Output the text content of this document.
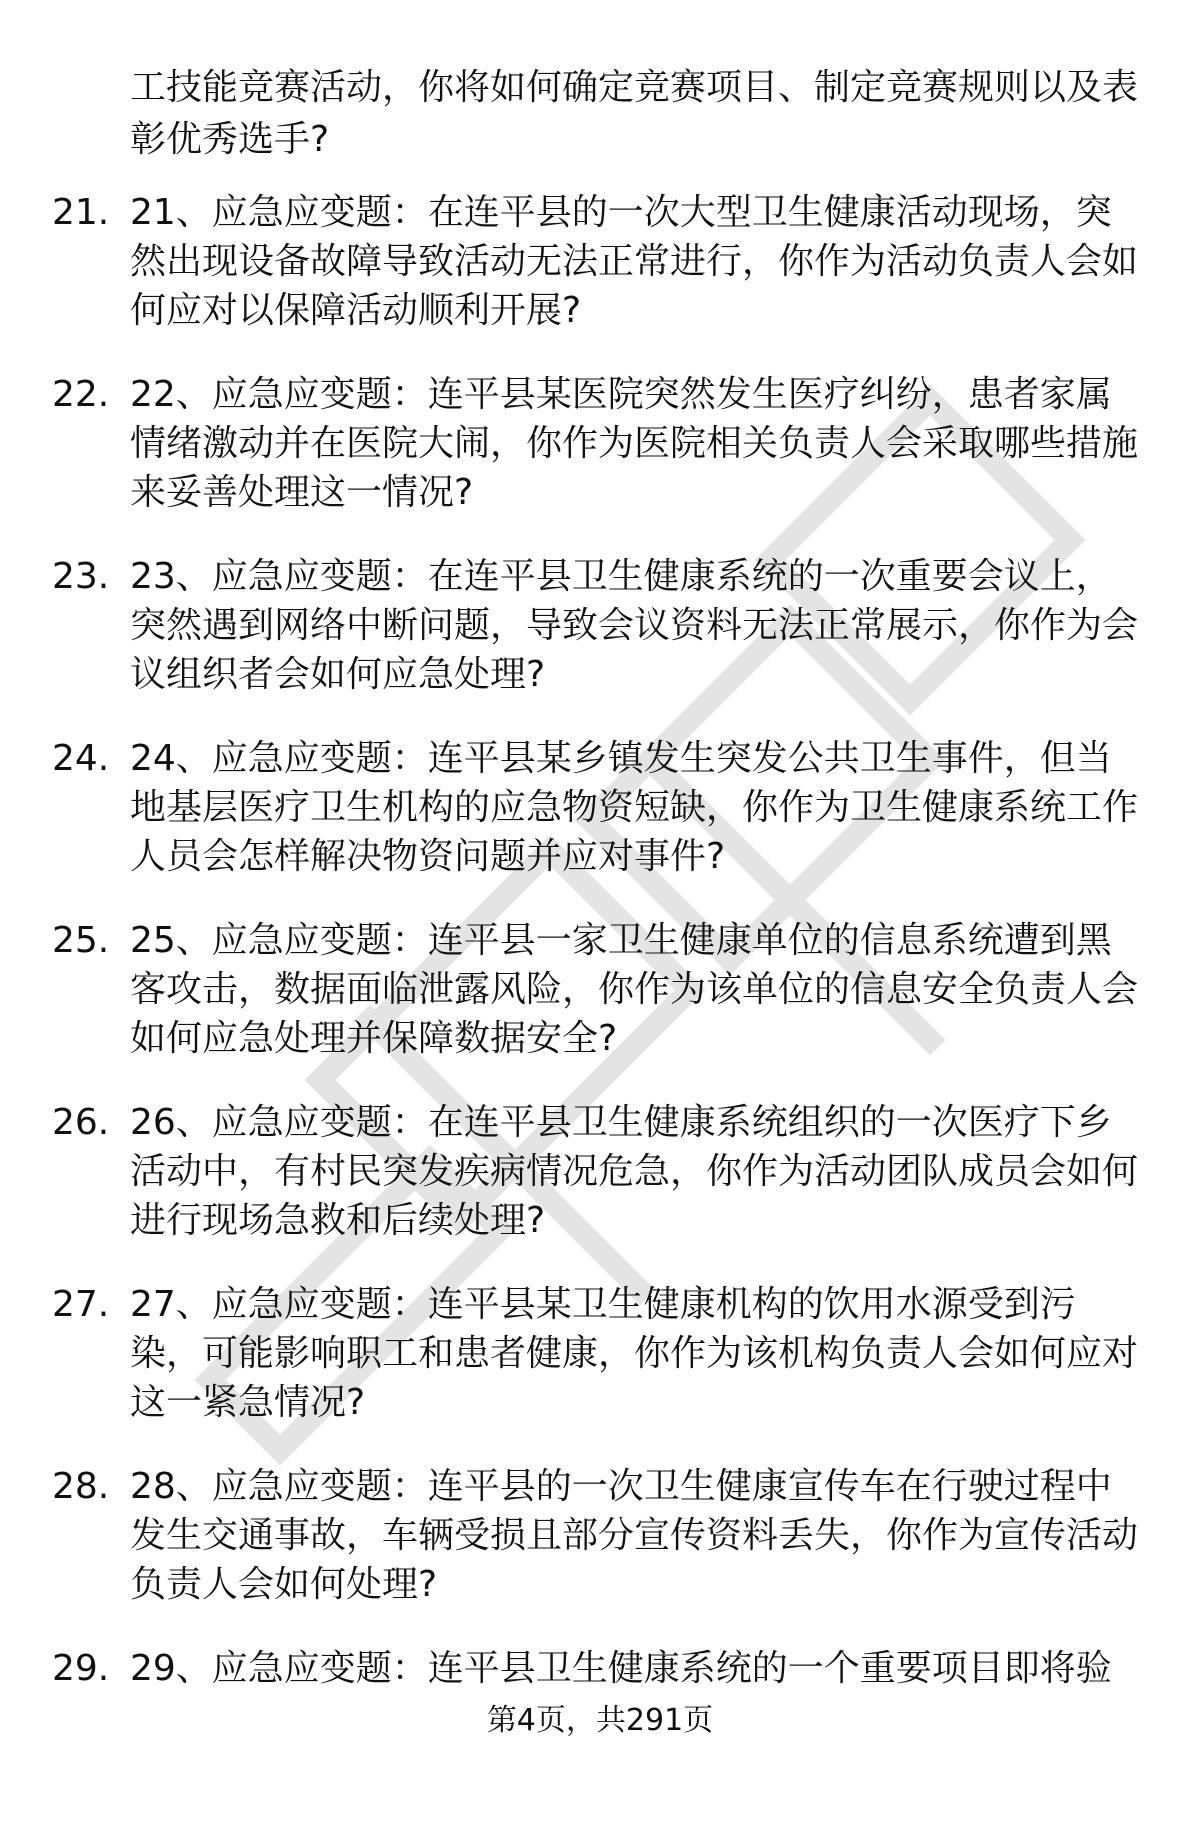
工技能竞赛活动，你将如何确定竞赛项目、制定竞赛规则以及表彰优秀选手?

21. 21、应急应变题：在连平县的一次大型卫生健康活动现场，突然出现设备故障导致活动无法正常进行，你作为活动负责人会如何应对以保障活动顺利开展?
22. 22、应急应变题：连平县某医院突然发生医疗纠纷，患者家属情绪激动并在医院大闹，你作为医院相关负责人会采取哪些措施来妥善处理这一情况?
23. 23、应急应变题：在连平县卫生健康系统的一次重要会议上，突然遇到网络中断问题，导致会议资料无法正常展示，你作为会议组织者会如何应急处理?
24. 24、应急应变题：连平县某乡镇发生突发公共卫生事件，但当地基层医疗卫生机构的应急物资短缺，你作为卫生健康系统工作人员会怎样解决物资问题并应对事件?
25. 25、应急应变题：连平县一家卫生健康单位的信息系统遭到黑客攻击，数据面临泄露风险，你作为该单位的信息安全负责人会如何应急处理并保障数据安全?
26. 26、应急应变题：在连平县卫生健康系统组织的一次医疗下乡活动中，有村民突发疾病情况危急，你作为活动团队成员会如何进行现场急救和后续处理?
27. 27、应急应变题：连平县某卫生健康机构的饮用水源受到污染，可能影响职工和患者健康，你作为该机构负责人会如何应对这一紧急情况?
28. 28、应急应变题：连平县的一次卫生健康宣传车在行驶过程中发生交通事故，车辆受损且部分宣传资料丢失，你作为宣传活动负责人会如何处理?
29. 29、应急应变题：连平县卫生健康系统的一个重要项目即将验
第4页，共291页
